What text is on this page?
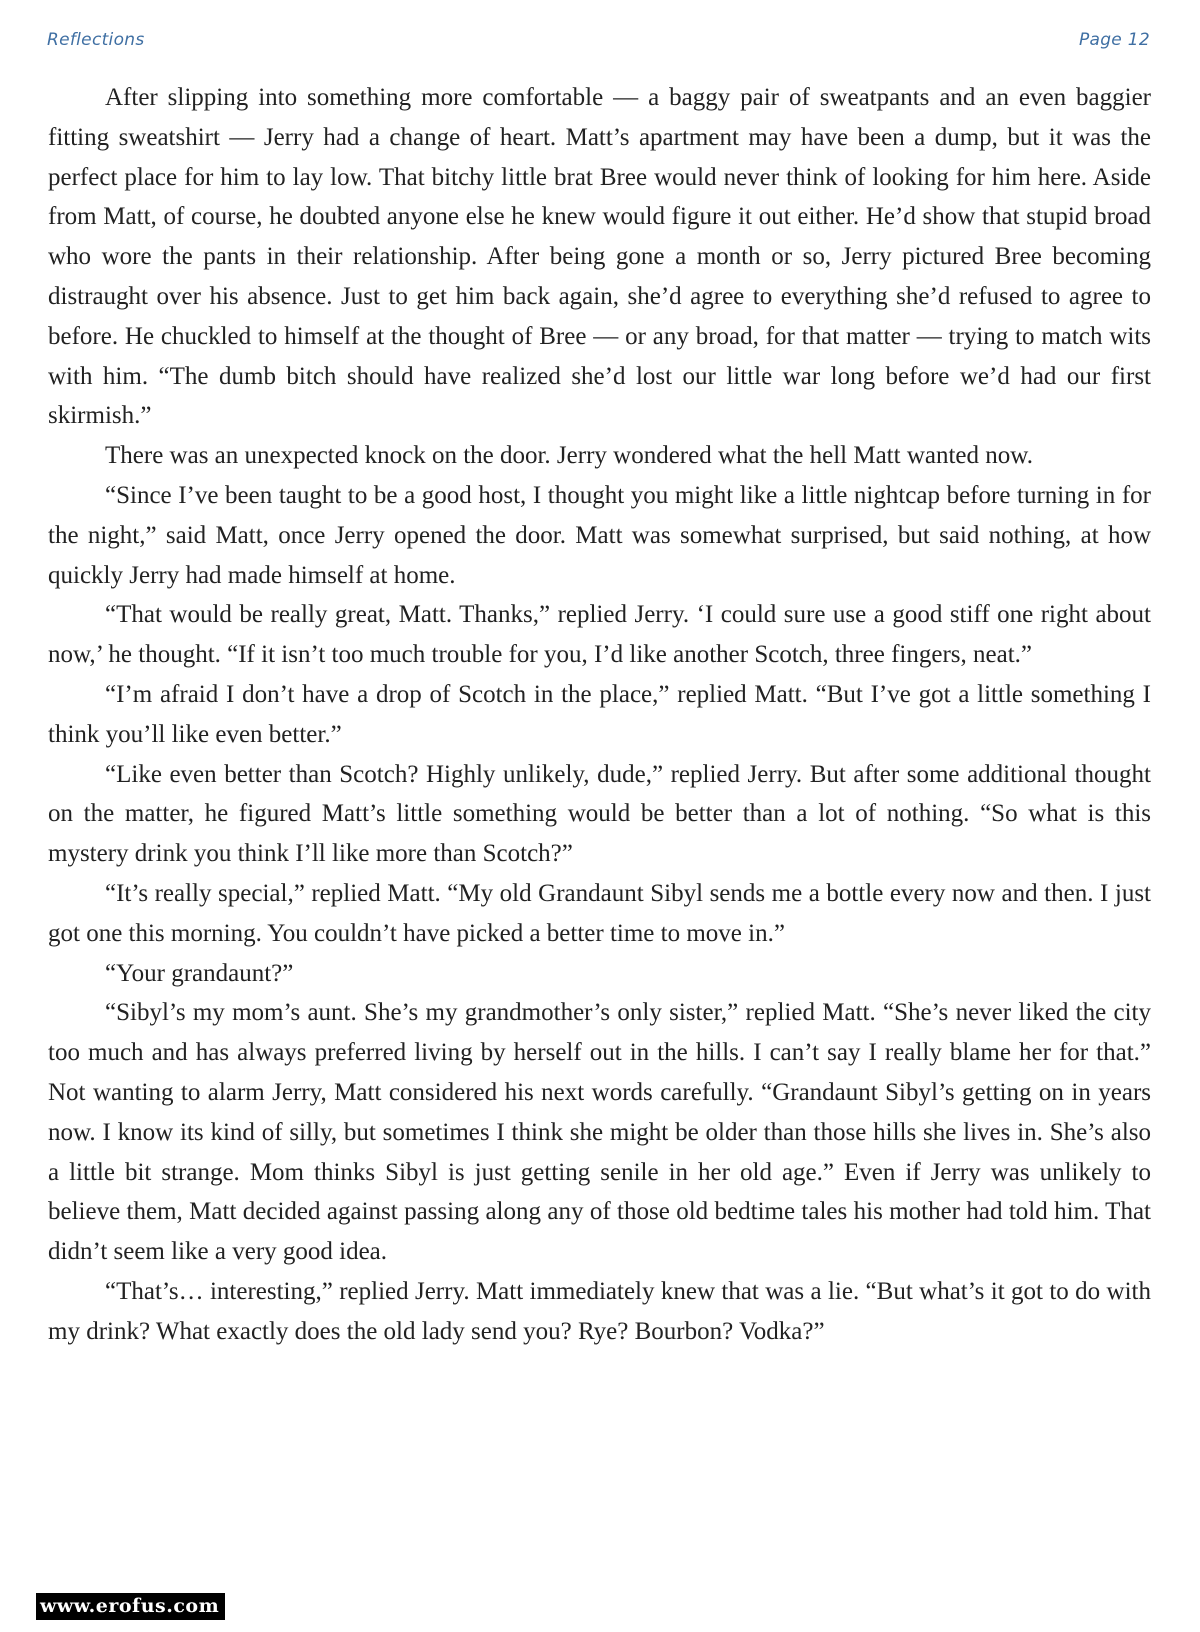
Reflections	Page 12

After slipping into something more comfortable — a baggy pair of sweatpants and an even baggier fitting sweatshirt — Jerry had a change of heart. Matt’s apartment may have been a dump, but it was the perfect place for him to lay low. That bitchy little brat Bree would never think of looking for him here. Aside from Matt, of course, he doubted anyone else he knew would figure it out either. He’d show that stupid broad who wore the pants in their relationship. After being gone a month or so, Jerry pictured Bree becoming distraught over his absence. Just to get him back again, she’d agree to everything she’d refused to agree to before. He chuckled to himself at the thought of Bree — or any broad, for that matter — trying to match wits with him. “The dumb bitch should have realized she’d lost our little war long before we’d had our first skirmish.”

There was an unexpected knock on the door. Jerry wondered what the hell Matt wanted now.

“Since I’ve been taught to be a good host, I thought you might like a little nightcap before turning in for the night,” said Matt, once Jerry opened the door. Matt was somewhat surprised, but said nothing, at how quickly Jerry had made himself at home.

“That would be really great, Matt. Thanks,” replied Jerry. ‘I could sure use a good stiff one right about now,’ he thought. “If it isn’t too much trouble for you, I’d like another Scotch, three fingers, neat.”

“I’m afraid I don’t have a drop of Scotch in the place,” replied Matt. “But I’ve got a little something I think you’ll like even better.”

“Like even better than Scotch? Highly unlikely, dude,” replied Jerry. But after some additional thought on the matter, he figured Matt’s little something would be better than a lot of nothing. “So what is this mystery drink you think I’ll like more than Scotch?”

“It’s really special,” replied Matt. “My old Grandaunt Sibyl sends me a bottle every now and then. I just got one this morning. You couldn’t have picked a better time to move in.”

“Your grandaunt?”

“Sibyl’s my mom’s aunt. She’s my grandmother’s only sister,” replied Matt. “She’s never liked the city too much and has always preferred living by herself out in the hills. I can’t say I really blame her for that.” Not wanting to alarm Jerry, Matt considered his next words carefully. “Grandaunt Sibyl’s getting on in years now. I know its kind of silly, but sometimes I think she might be older than those hills she lives in. She’s also a little bit strange. Mom thinks Sibyl is just getting senile in her old age.” Even if Jerry was unlikely to believe them, Matt decided against passing along any of those old bedtime tales his mother had told him. That didn’t seem like a very good idea.

“That’s… interesting,” replied Jerry. Matt immediately knew that was a lie. “But what’s it got to do with my drink? What exactly does the old lady send you? Rye? Bourbon? Vodka?”

www.erofus.com
